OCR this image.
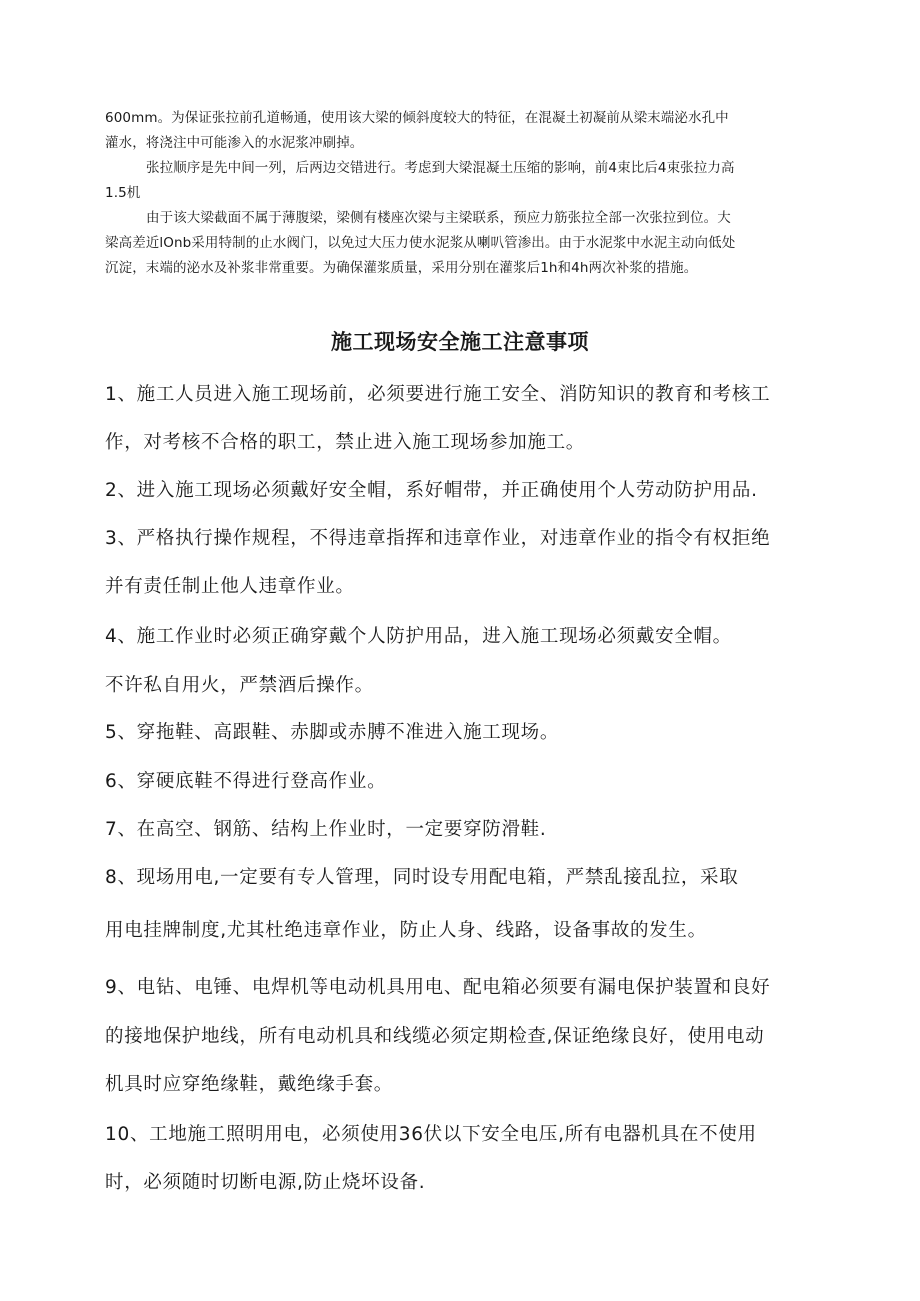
600mm。为保证张拉前孔道畅通，使用该大梁的倾斜度较大的特征，在混凝土初凝前从梁末端泌水孔中

灌水，将浇注中可能渗入的水泥浆冲刷掉。

张拉顺序是先中间一列，后两边交错进行。考虑到大梁混凝土压缩的影响，前4束比后4束张拉力高

1.5机

由于该大梁截面不属于薄腹梁，梁侧有楼座次梁与主梁联系，预应力筋张拉全部一次张拉到位。大

梁高差近lOnb采用特制的止水阀门，以免过大压力使水泥浆从喇叭管渗出。由于水泥浆中水泥主动向低处

沉淀，末端的泌水及补浆非常重要。为确保灌浆质量，采用分别在灌浆后1h和4h两次补浆的措施。

施工现场安全施工注意事项

1、施工人员进入施工现场前，必须要进行施工安全、消防知识的教育和考核工

作，对考核不合格的职工，禁止进入施工现场参加施工。

2、进入施工现场必须戴好安全帽，系好帽带，并正确使用个人劳动防护用品.

3、严格执行操作规程，不得违章指挥和违章作业，对违章作业的指令有权拒绝

并有责任制止他人违章作业。

4、施工作业时必须正确穿戴个人防护用品，进入施工现场必须戴安全帽。

不许私自用火，严禁酒后操作。

5、穿拖鞋、高跟鞋、赤脚或赤膊不准进入施工现场。

6、穿硬底鞋不得进行登高作业。

7、在高空、钢筋、结构上作业时，一定要穿防滑鞋.

8、现场用电,一定要有专人管理，同时设专用配电箱，严禁乱接乱拉，采取

用电挂牌制度,尤其杜绝违章作业，防止人身、线路，设备事故的发生。

9、电钻、电锤、电焊机等电动机具用电、配电箱必须要有漏电保护装置和良好

的接地保护地线，所有电动机具和线缆必须定期检查,保证绝缘良好，使用电动

机具时应穿绝缘鞋，戴绝缘手套。

10、工地施工照明用电，必须使用36伏以下安全电压,所有电器机具在不使用

时，必须随时切断电源,防止烧坏设备.
